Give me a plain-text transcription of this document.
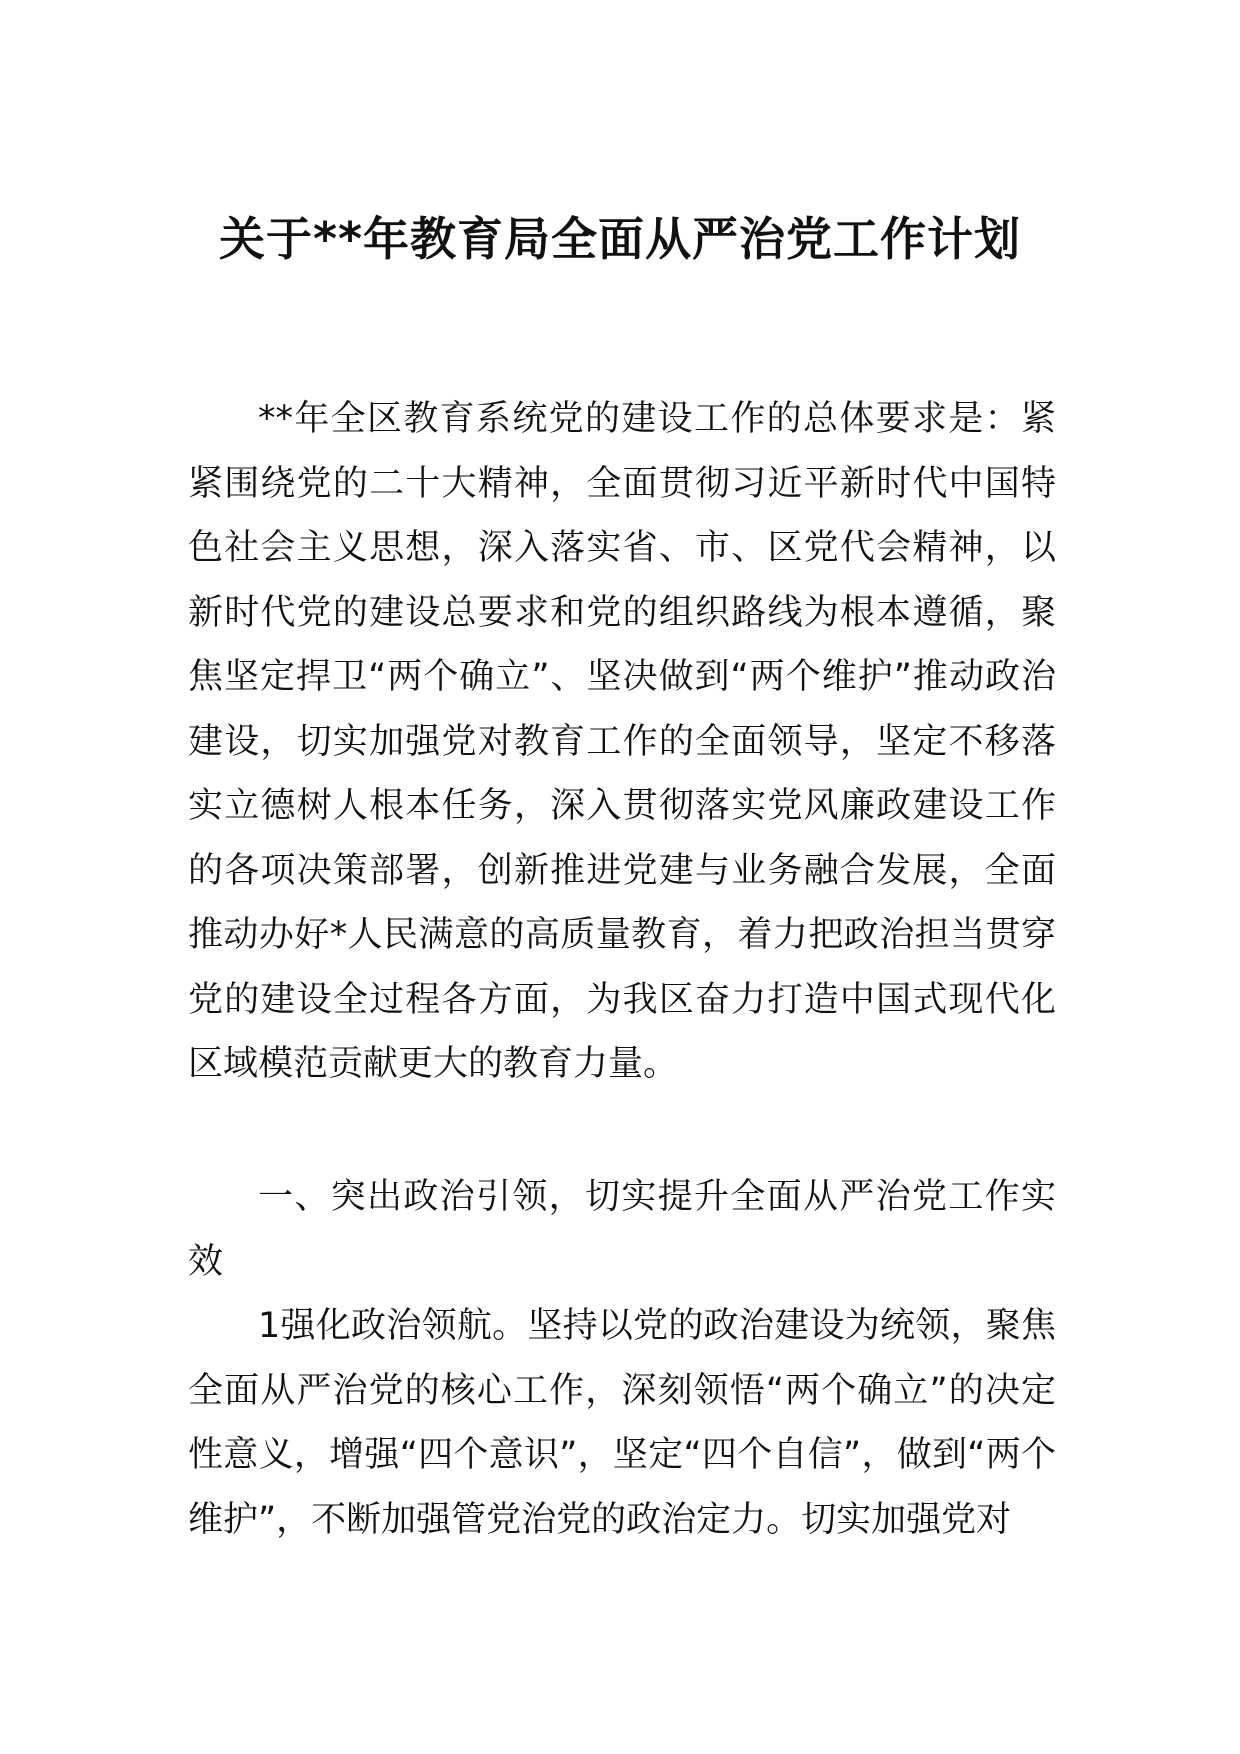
关于**年教育局全面从严治党工作计划

**年全区教育系统党的建设工作的总体要求是：紧紧围绕党的二十大精神，全面贯彻习近平新时代中国特色社会主义思想，深入落实省、市、区党代会精神，以新时代党的建设总要求和党的组织路线为根本遵循，聚焦坚定捍卫“两个确立”、坚决做到“两个维护”推动政治建设，切实加强党对教育工作的全面领导，坚定不移落实立德树人根本任务，深入贯彻落实党风廉政建设工作的各项决策部署，创新推进党建与业务融合发展，全面推动办好*人民满意的高质量教育，着力把政治担当贯穿党的建设全过程各方面，为我区奋力打造中国式现代化区域模范贡献更大的教育力量。

一、突出政治引领，切实提升全面从严治党工作实效

1强化政治领航。坚持以党的政治建设为统领，聚焦全面从严治党的核心工作，深刻领悟“两个确立”的决定性意义，增强“四个意识”，坚定“四个自信”，做到“两个维护”，不断加强管党治党的政治定力。切实加强党对
